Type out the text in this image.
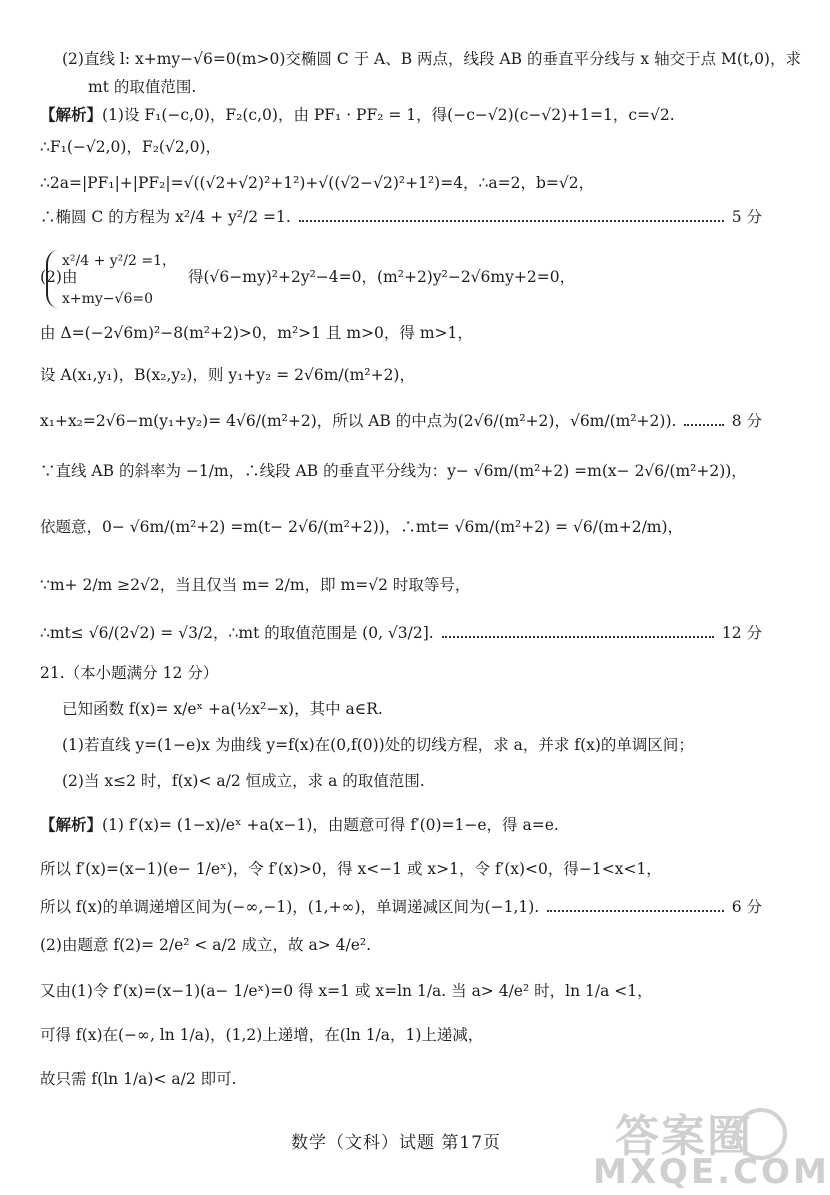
(2)直线 l: x+my−√6=0(m>0)交椭圆 C 于 A、B 两点，线段 AB 的垂直平分线与 x 轴交于点 M(t,0)，求
mt 的取值范围.
【解析】(1)设 F₁(−c,0)，F₂(c,0)，由 PF₁ · PF₂ = 1，得(−c−√2)(c−√2)+1=1，c=√2.
∴F₁(−√2,0)，F₂(√2,0)，
∴2a=|PF₁|+|PF₂|=√((√2+√2)²+1²)+√((√2−√2)²+1²)=4，∴a=2，b=√2，
∴椭圆 C 的方程为 x²/4 + y²/2 =1.	5 分
(2)由
x²/4 + y²/2 =1，
x+my−√6=0
得(√6−my)²+2y²−4=0，(m²+2)y²−2√6my+2=0，
由 Δ=(−2√6m)²−8(m²+2)>0，m²>1 且 m>0，得 m>1，
设 A(x₁,y₁)，B(x₂,y₂)，则 y₁+y₂ = 2√6m/(m²+2)，
x₁+x₂=2√6−m(y₁+y₂)= 4√6/(m²+2)，所以 AB 的中点为(2√6/(m²+2)，√6m/(m²+2)).	8 分
∵直线 AB 的斜率为 −1/m，∴线段 AB 的垂直平分线为：y− √6m/(m²+2) =m(x− 2√6/(m²+2))，
依题意，0− √6m/(m²+2) =m(t− 2√6/(m²+2))，∴mt= √6m/(m²+2) = √6/(m+2/m)，
∵m+ 2/m ≥2√2，当且仅当 m= 2/m，即 m=√2 时取等号，
∴mt≤ √6/(2√2) = √3/2，∴mt 的取值范围是 (0, √3/2].	12 分
21.（本小题满分 12 分）
已知函数 f(x)= x/eˣ +a(½x²−x)，其中 a∈R.
(1)若直线 y=(1−e)x 为曲线 y=f(x)在(0,f(0))处的切线方程，求 a，并求 f(x)的单调区间；
(2)当 x≤2 时，f(x)< a/2 恒成立，求 a 的取值范围.
【解析】(1) f′(x)= (1−x)/eˣ +a(x−1)，由题意可得 f′(0)=1−e，得 a=e.
所以 f′(x)=(x−1)(e− 1/eˣ)，令 f′(x)>0，得 x<−1 或 x>1，令 f′(x)<0，得−1<x<1，
所以 f(x)的单调递增区间为(−∞,−1)，(1,+∞)，单调递减区间为(−1,1).	6 分
(2)由题意 f(2)= 2/e² < a/2 成立，故 a> 4/e².
又由(1)令 f′(x)=(x−1)(a− 1/eˣ)=0 得 x=1 或 x=ln 1/a. 当 a> 4/e² 时，ln 1/a <1，
可得 f(x)在(−∞, ln 1/a)，(1,2)上递增，在(ln 1/a，1)上递减，
故只需 f(ln 1/a)< a/2 即可.
数学（文科）试题 第17页	答案圈
MXQE.COM
